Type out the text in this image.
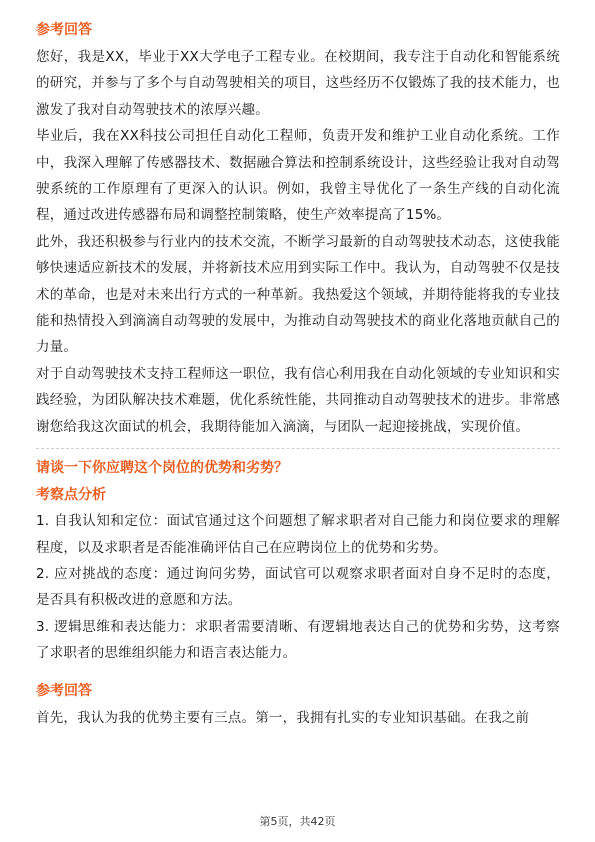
参考回答

您好，我是XX，毕业于XX大学电子工程专业。在校期间，我专注于自动化和智能系统的研究，并参与了多个与自动驾驶相关的项目，这些经历不仅锻炼了我的技术能力，也激发了我对自动驾驶技术的浓厚兴趣。

毕业后，我在XX科技公司担任自动化工程师，负责开发和维护工业自动化系统。工作中，我深入理解了传感器技术、数据融合算法和控制系统设计，这些经验让我对自动驾驶系统的工作原理有了更深入的认识。例如，我曾主导优化了一条生产线的自动化流程，通过改进传感器布局和调整控制策略，使生产效率提高了15%。

此外，我还积极参与行业内的技术交流，不断学习最新的自动驾驶技术动态，这使我能够快速适应新技术的发展，并将新技术应用到实际工作中。我认为，自动驾驶不仅是技术的革命，也是对未来出行方式的一种革新。我热爱这个领域，并期待能将我的专业技能和热情投入到滴滴自动驾驶的发展中，为推动自动驾驶技术的商业化落地贡献自己的力量。

对于自动驾驶技术支持工程师这一职位，我有信心利用我在自动化领域的专业知识和实践经验，为团队解决技术难题，优化系统性能，共同推动自动驾驶技术的进步。非常感谢您给我这次面试的机会，我期待能加入滴滴，与团队一起迎接挑战，实现价值。

请谈一下你应聘这个岗位的优势和劣势？

考察点分析

1. 自我认知和定位：面试官通过这个问题想了解求职者对自己能力和岗位要求的理解程度，以及求职者是否能准确评估自己在应聘岗位上的优势和劣势。

2. 应对挑战的态度：通过询问劣势，面试官可以观察求职者面对自身不足时的态度，是否具有积极改进的意愿和方法。

3. 逻辑思维和表达能力：求职者需要清晰、有逻辑地表达自己的优势和劣势，这考察了求职者的思维组织能力和语言表达能力。

参考回答

首先，我认为我的优势主要有三点。第一，我拥有扎实的专业知识基础。在我之前

第5页，共42页
